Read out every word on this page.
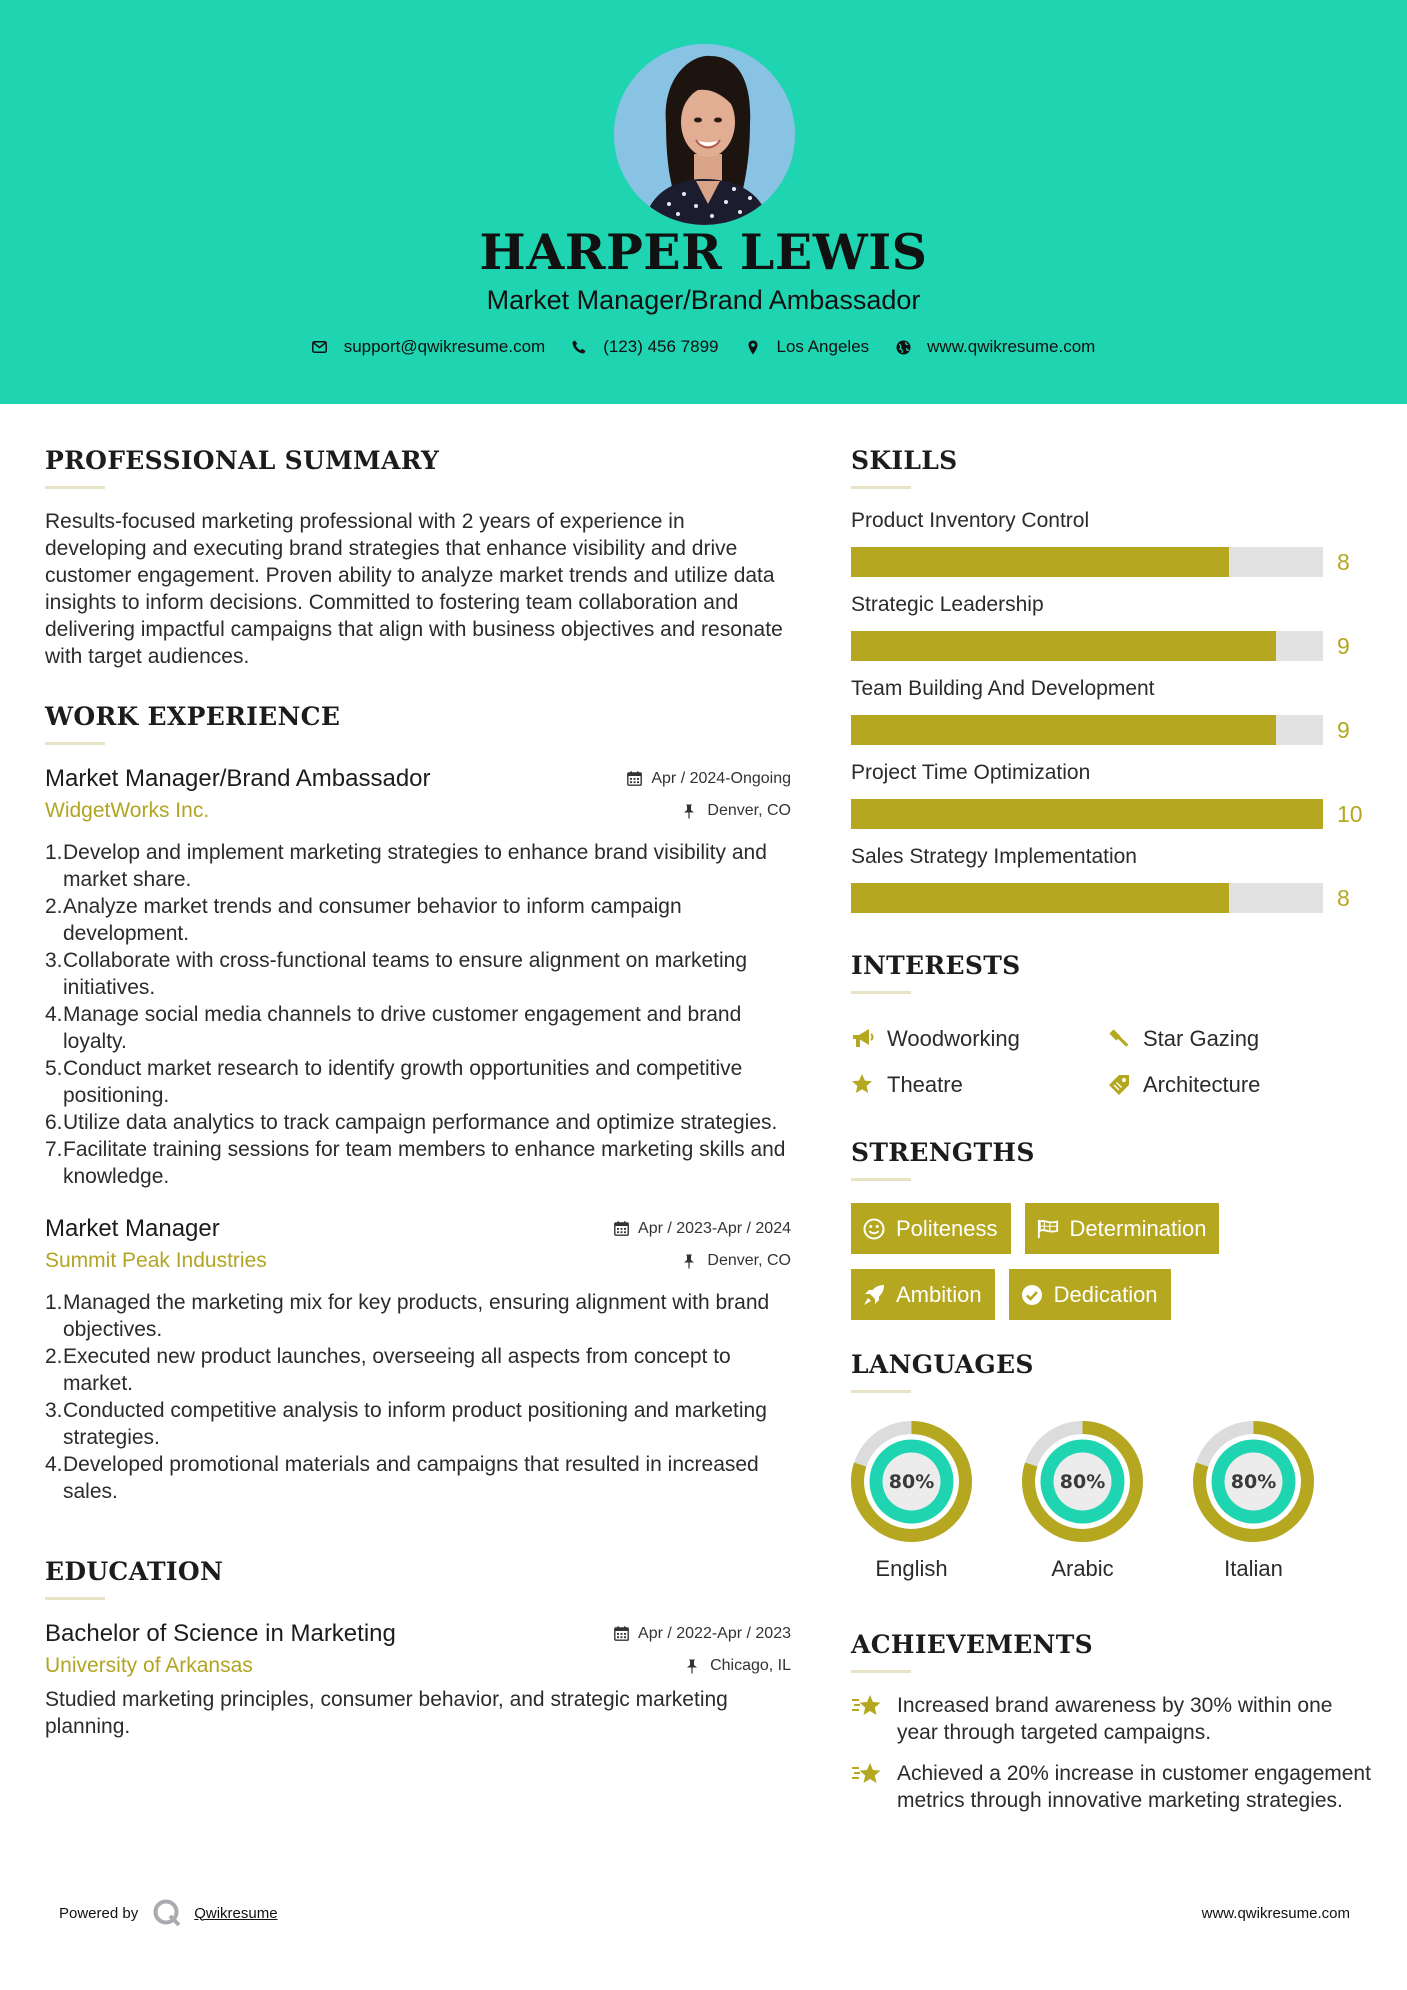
HARPER LEWIS
Market Manager/Brand Ambassador
support@qwikresume.com	(123) 456 7899	Los Angeles	www.qwikresume.com
PROFESSIONAL SUMMARY
Results-focused marketing professional with 2 years of experience in developing and executing brand strategies that enhance visibility and drive customer engagement. Proven ability to analyze market trends and utilize data insights to inform decisions. Committed to fostering team collaboration and delivering impactful campaigns that align with business objectives and resonate with target audiences.
WORK EXPERIENCE
Market Manager/Brand Ambassador	Apr / 2024-Ongoing
WidgetWorks Inc.	Denver, CO
1. Develop and implement marketing strategies to enhance brand visibility and market share.
2. Analyze market trends and consumer behavior to inform campaign development.
3. Collaborate with cross-functional teams to ensure alignment on marketing initiatives.
4. Manage social media channels to drive customer engagement and brand loyalty.
5. Conduct market research to identify growth opportunities and competitive positioning.
6. Utilize data analytics to track campaign performance and optimize strategies.
7. Facilitate training sessions for team members to enhance marketing skills and knowledge.
Market Manager	Apr / 2023-Apr / 2024
Summit Peak Industries	Denver, CO
1. Managed the marketing mix for key products, ensuring alignment with brand objectives.
2. Executed new product launches, overseeing all aspects from concept to market.
3. Conducted competitive analysis to inform product positioning and marketing strategies.
4. Developed promotional materials and campaigns that resulted in increased sales.
EDUCATION
Bachelor of Science in Marketing	Apr / 2022-Apr / 2023
University of Arkansas	Chicago, IL
Studied marketing principles, consumer behavior, and strategic marketing planning.
SKILLS
Product Inventory Control
8
Strategic Leadership
9
Team Building And Development
9
Project Time Optimization
10
Sales Strategy Implementation
8
INTERESTS
Woodworking	Star Gazing
Theatre	Architecture
STRENGTHS
Politeness	Determination
Ambition	Dedication
LANGUAGES
80%
English
80%
Arabic
80%
Italian
ACHIEVEMENTS
Increased brand awareness by 30% within one year through targeted campaigns.
Achieved a 20% increase in customer engagement metrics through innovative marketing strategies.
Powered by	Qwikresume	www.qwikresume.com
